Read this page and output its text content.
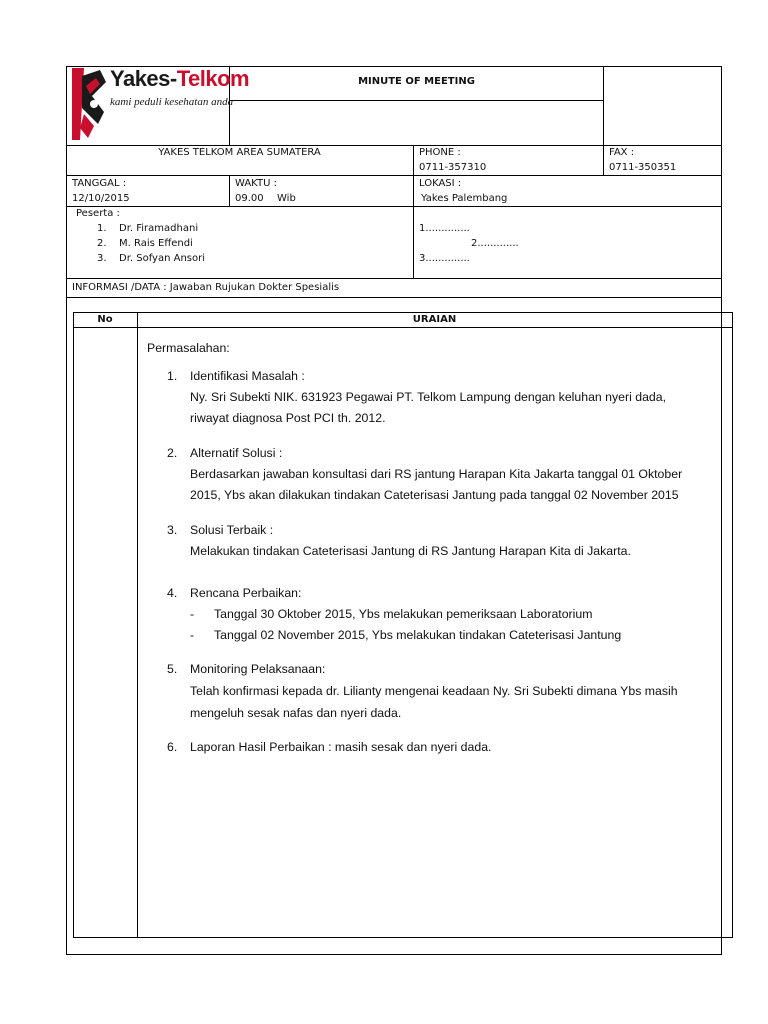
Yakes-Telkom
kami peduli kesehatan anda
MINUTE OF MEETING
YAKES TELKOM AREA SUMATERA	PHONE :
0711-357310
FAX :
0711-350351
TANGGAL :
12/10/2015
WAKTU :
09.00 Wib
LOKASI :
Yakes Palembang
Peserta :
1. Dr. Firamadhani
2. M. Rais Effendi
3. Dr. Sofyan Ansori
1..............
2.............
3..............
INFORMASI /DATA : Jawaban Rujukan Dokter Spesialis
No	URAIAN
Permasalahan:
1. Identifikasi Masalah :
Ny. Sri Subekti NIK. 631923 Pegawai PT. Telkom Lampung dengan keluhan nyeri dada,
riwayat diagnosa Post PCI th. 2012.
2. Alternatif Solusi :
Berdasarkan jawaban konsultasi dari RS jantung Harapan Kita Jakarta tanggal 01 Oktober
2015, Ybs akan dilakukan tindakan Cateterisasi Jantung pada tanggal 02 November 2015
3. Solusi Terbaik :
Melakukan tindakan Cateterisasi Jantung di RS Jantung Harapan Kita di Jakarta.
4. Rencana Perbaikan:
- Tanggal 30 Oktober 2015, Ybs melakukan pemeriksaan Laboratorium
- Tanggal 02 November 2015, Ybs melakukan tindakan Cateterisasi Jantung
5. Monitoring Pelaksanaan:
Telah konfirmasi kepada dr. Lilianty mengenai keadaan Ny. Sri Subekti dimana Ybs masih
mengeluh sesak nafas dan nyeri dada.
6. Laporan Hasil Perbaikan : masih sesak dan nyeri dada.
